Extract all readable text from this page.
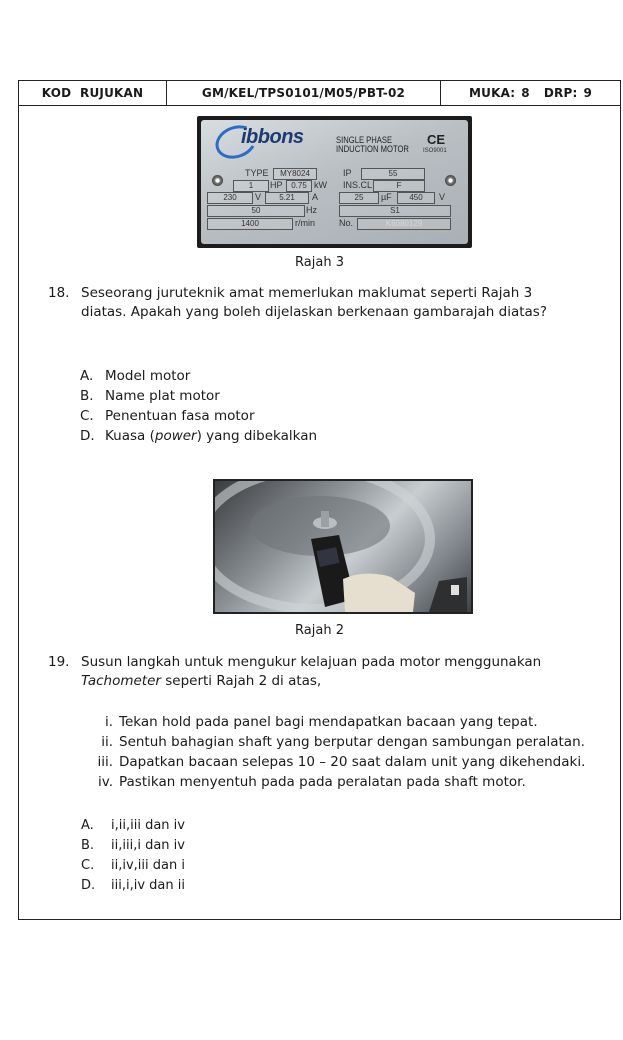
KOD  RUJUKAN	GM/KEL/TPS0101/M05/PBT-02	MUKA: 8 DRP: 9
ibbons	SINGLE PHASE
INDUCTION MOTOR
CE
ISO9001
TYPE	MY8024	IP	55
1	HP	0.75 kW INS.CL	F
230	V	5.21	A	25	µF	450	V
50	Hz	S1
1400	r/min	No.	K6080129
Rajah 3
18. Seseorang juruteknik amat memerlukan maklumat seperti Rajah 3 diatas. Apakah yang boleh dijelaskan berkenaan gambarajah diatas?
A. Model motor
B. Name plat motor
C. Penentuan fasa motor
D. Kuasa (power) yang dibekalkan
Rajah 2
19. Susun langkah untuk mengukur kelajuan pada motor menggunakan
Tachometer seperti Rajah 2 di atas,
i. Tekan hold pada panel bagi mendapatkan bacaan yang tepat.
ii. Sentuh bahagian shaft yang berputar dengan sambungan peralatan.
iii. Dapatkan bacaan selepas 10 – 20 saat dalam unit yang dikehendaki.
iv. Pastikan menyentuh pada pada peralatan pada shaft motor.
A. i,ii,iii dan iv
B. ii,iii,i dan iv
C. ii,iv,iii dan i
D. iii,i,iv dan ii
